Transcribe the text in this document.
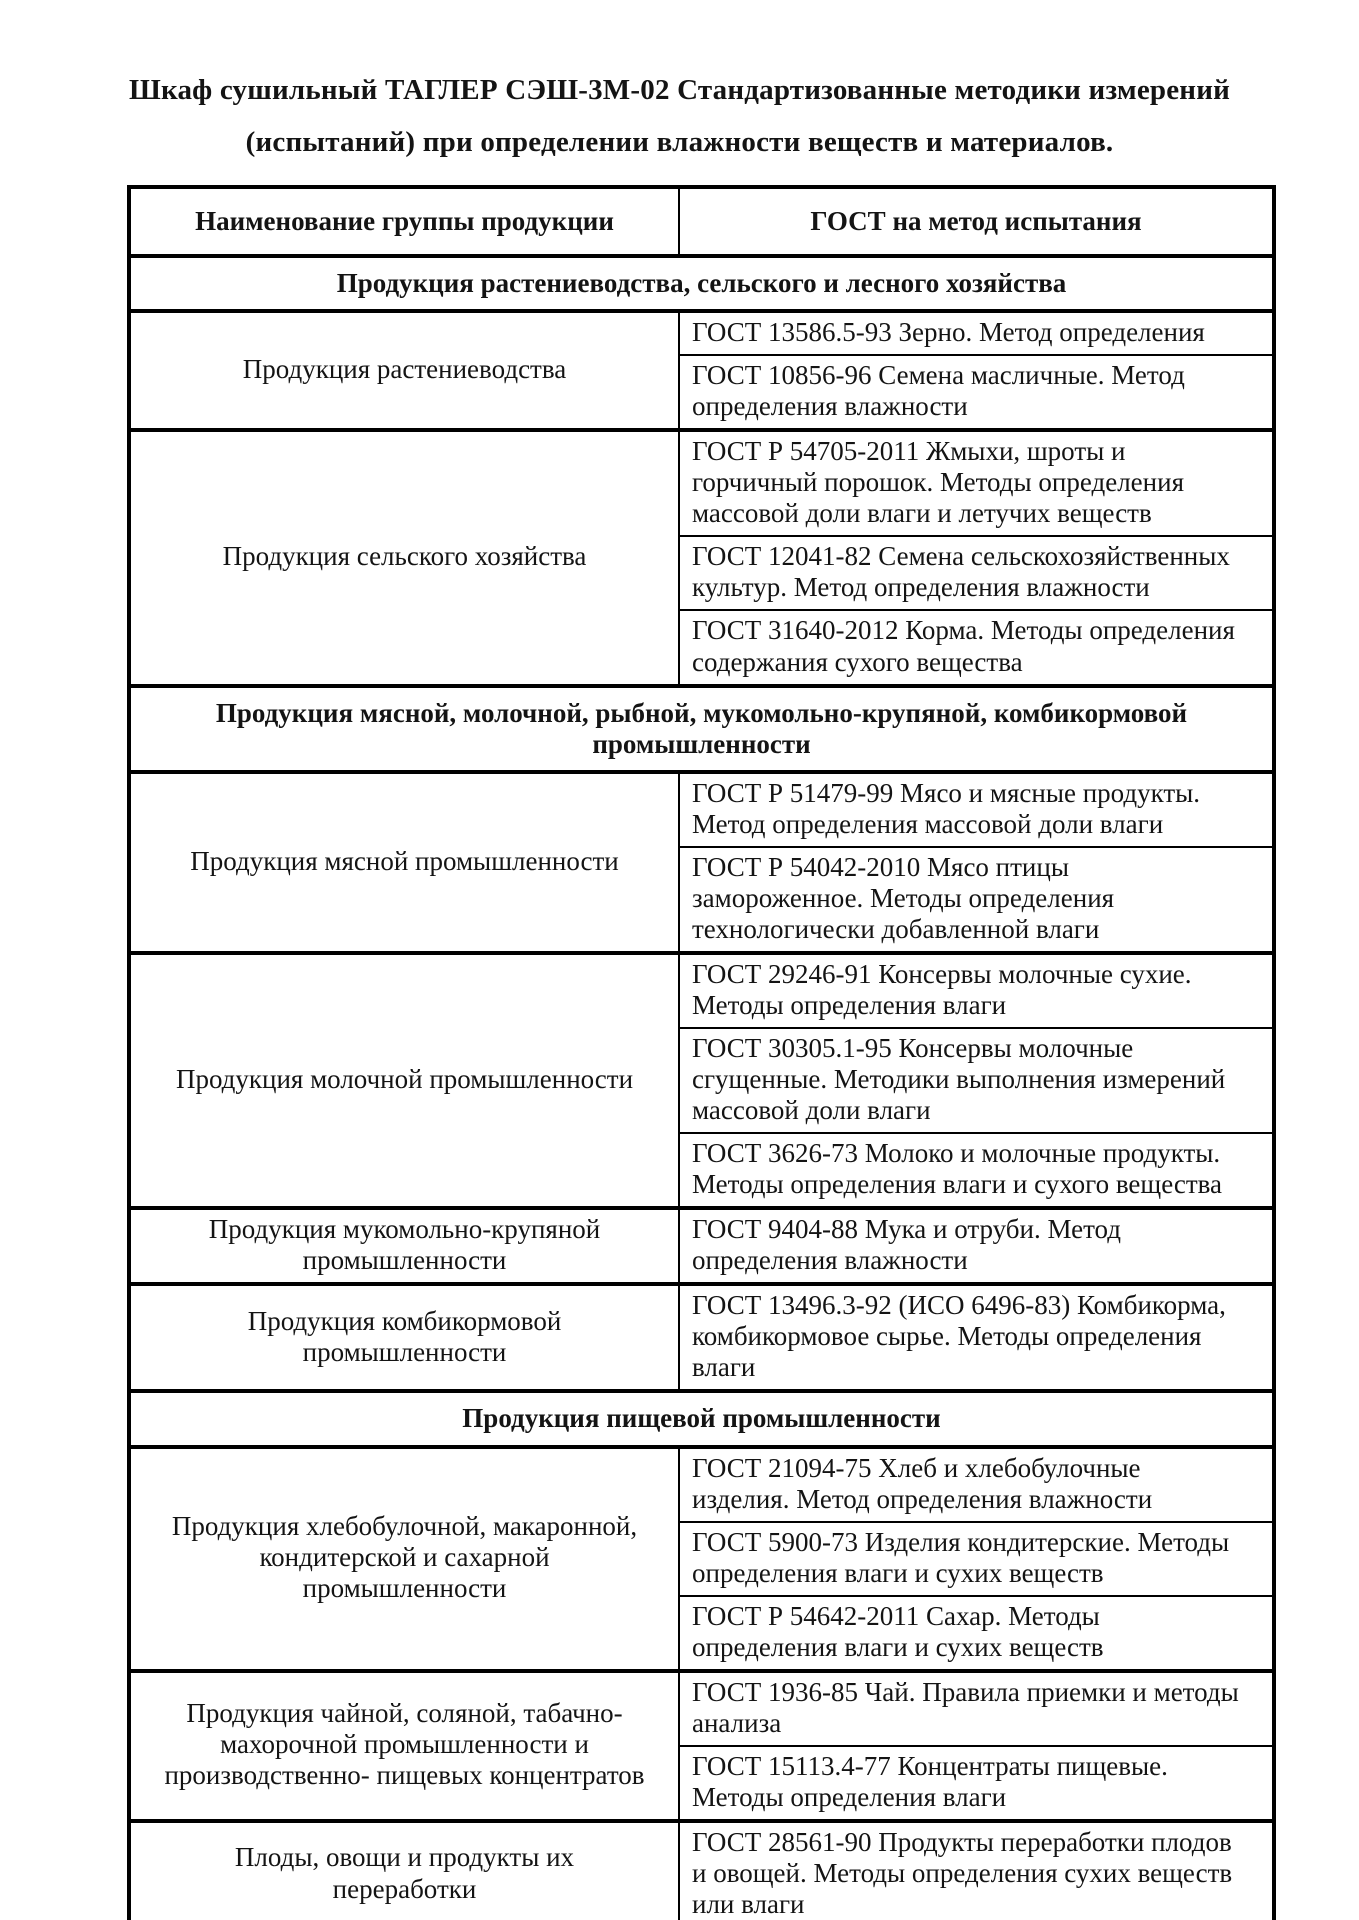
Шкаф сушильный ТАГЛЕР СЭШ-3М-02 Стандартизованные методики измерений
(испытаний) при определении влажности веществ и материалов.
Наименование группы продукции	ГОСТ на метод испытания
Продукция растениеводства, сельского и лесного хозяйства	
Продукция растениеводства	ГОСТ 13586.5-93 Зерно. Метод определения
	ГОСТ 10856-96 Семена масличные. Метод определения влажности
Продукция сельского хозяйства	ГОСТ Р 54705-2011 Жмыхи, шроты и горчичный порошок. Методы определения массовой доли влаги и летучих веществ
	ГОСТ 12041-82 Семена сельскохозяйственных культур. Метод определения влажности
	ГОСТ 31640-2012 Корма. Методы определения содержания сухого вещества
Продукция мясной, молочной, рыбной, мукомольно-крупяной, комбикормовой промышленности	
Продукция мясной промышленности	ГОСТ Р 51479-99 Мясо и мясные продукты. Метод определения массовой доли влаги
	ГОСТ Р 54042-2010 Мясо птицы замороженное. Методы определения технологически добавленной влаги
Продукция молочной промышленности	ГОСТ 29246-91 Консервы молочные сухие. Методы определения влаги
	ГОСТ 30305.1-95 Консервы молочные сгущенные. Методики выполнения измерений массовой доли влаги
	ГОСТ 3626-73 Молоко и молочные продукты. Методы определения влаги и сухого вещества
Продукция мукомольно-крупяной промышленности	ГОСТ 9404-88 Мука и отруби. Метод определения влажности
Продукция комбикормовой промышленности	ГОСТ 13496.3-92 (ИСО 6496-83) Комбикорма, комбикормовое сырье. Методы определения влаги
Продукция пищевой промышленности	
Продукция хлебобулочной, макаронной, кондитерской и сахарной промышленности	ГОСТ 21094-75 Хлеб и хлебобулочные изделия. Метод определения влажности
	ГОСТ 5900-73 Изделия кондитерские. Методы определения влаги и сухих веществ
	ГОСТ Р 54642-2011 Сахар. Методы определения влаги и сухих веществ
Продукция чайной, соляной, табачно-махорочной промышленности и производственно- пищевых концентратов	ГОСТ 1936-85 Чай. Правила приемки и методы анализа
	ГОСТ 15113.4-77 Концентраты пищевые. Методы определения влаги
Плоды, овощи и продукты их переработки	ГОСТ 28561-90 Продукты переработки плодов и овощей. Методы определения сухих веществ или влаги
